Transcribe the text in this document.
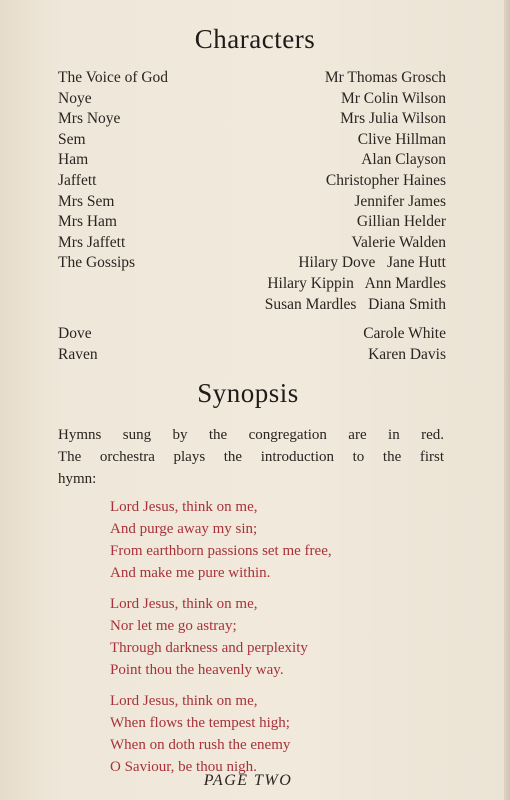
Characters
The Voice of God	Mr Thomas Grosch
Noye	Mr Colin Wilson
Mrs Noye	Mrs Julia Wilson
Sem	Clive Hillman
Ham	Alan Clayson
Jaffett	Christopher Haines
Mrs Sem	Jennifer James
Mrs Ham	Gillian Helder
Mrs Jaffett	Valerie Walden
The Gossips	Hilary Dove   Jane Hutt
Hilary Kippin   Ann Mardles
Susan Mardles   Diana Smith
Dove	Carole White
Raven	Karen Davis
Synopsis
Hymns sung by the congregation are in red.
The orchestra plays the introduction to the first
hymn:
Lord Jesus, think on me,
And purge away my sin;
From earthborn passions set me free,
And make me pure within.
Lord Jesus, think on me,
Nor let me go astray;
Through darkness and perplexity
Point thou the heavenly way.
Lord Jesus, think on me,
When flows the tempest high;
When on doth rush the enemy
O Saviour, be thou nigh.
PAGE TWO
